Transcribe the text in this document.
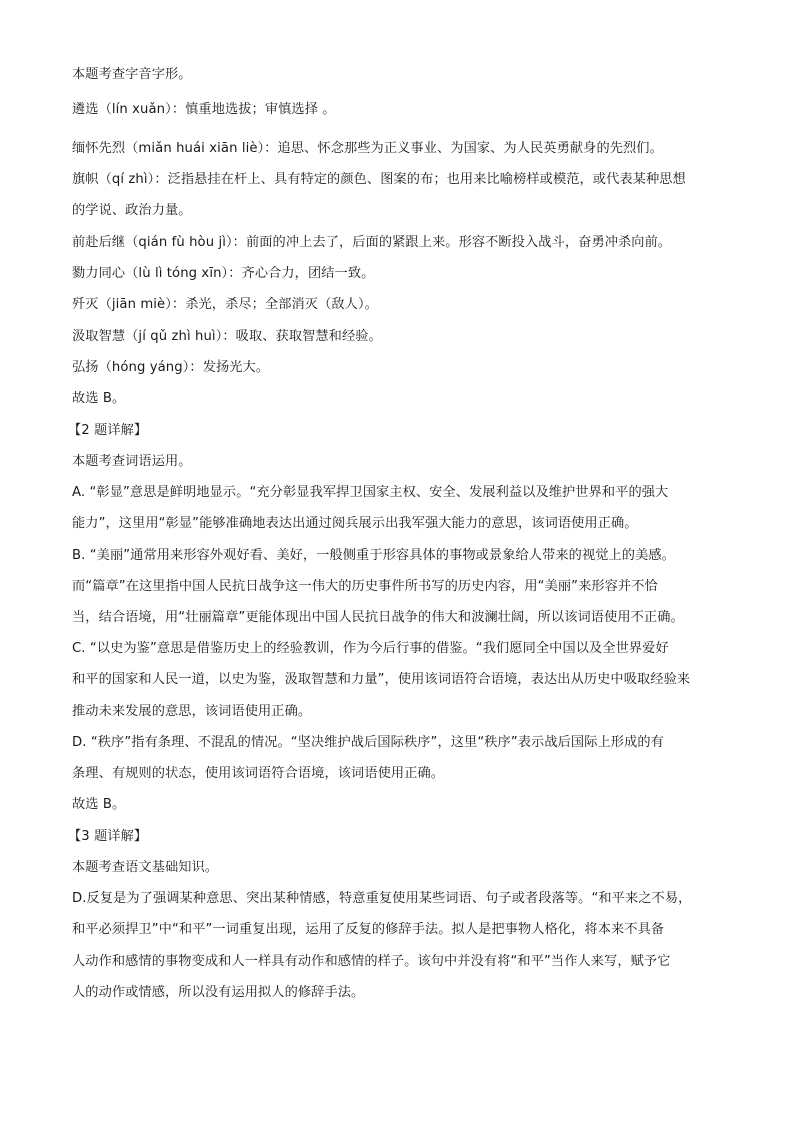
本题考查字音字形。
遴选（lín xuǎn）：慎重地选拔；审慎选择 。
缅怀先烈（miǎn huái xiān liè）：追思、怀念那些为正义事业、为国家、为人民英勇献身的先烈们。
旗帜（qí zhì）：泛指悬挂在杆上、具有特定的颜色、图案的布；也用来比喻榜样或模范，或代表某种思想
的学说、政治力量。
前赴后继（qián fù hòu jì）：前面的冲上去了，后面的紧跟上来。形容不断投入战斗，奋勇冲杀向前。
勠力同心（lù lì tóng xīn）：齐心合力，团结一致。
歼灭（jiān miè）：杀光，杀尽；全部消灭（敌人）。
汲取智慧（jí qǔ zhì huì）：吸取、获取智慧和经验。
弘扬（hóng yáng）：发扬光大。
故选 B。
【2 题详解】
本题考查词语运用。
A. “彰显”意思是鲜明地显示。“充分彰显我军捍卫国家主权、安全、发展利益以及维护世界和平的强大
能力”，这里用“彰显”能够准确地表达出通过阅兵展示出我军强大能力的意思，该词语使用正确。
B. “美丽”通常用来形容外观好看、美好，一般侧重于形容具体的事物或景象给人带来的视觉上的美感。
而“篇章”在这里指中国人民抗日战争这一伟大的历史事件所书写的历史内容，用“美丽”来形容并不恰
当，结合语境，用“壮丽篇章”更能体现出中国人民抗日战争的伟大和波澜壮阔，所以该词语使用不正确。
C. “以史为鉴”意思是借鉴历史上的经验教训，作为今后行事的借鉴。“我们愿同全中国以及全世界爱好
和平的国家和人民一道，以史为鉴，汲取智慧和力量”，使用该词语符合语境，表达出从历史中吸取经验来
推动未来发展的意思，该词语使用正确。
D. “秩序”指有条理、不混乱的情况。“坚决维护战后国际秩序”，这里“秩序”表示战后国际上形成的有
条理、有规则的状态，使用该词语符合语境，该词语使用正确。
故选 B。
【3 题详解】
本题考查语文基础知识。
D.反复是为了强调某种意思、突出某种情感，特意重复使用某些词语、句子或者段落等。“和平来之不易，
和平必须捍卫”中“和平”一词重复出现，运用了反复的修辞手法。拟人是把事物人格化，将本来不具备
人动作和感情的事物变成和人一样具有动作和感情的样子。该句中并没有将“和平”当作人来写，赋予它
人的动作或情感，所以没有运用拟人的修辞手法。
